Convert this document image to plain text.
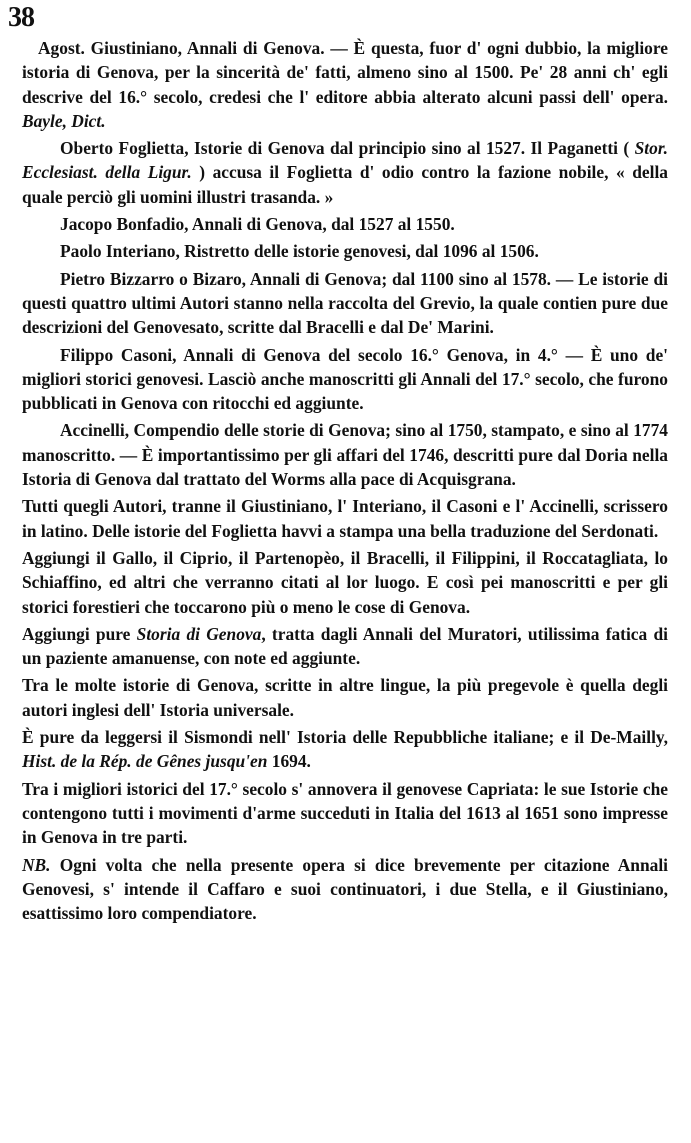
38

Agost. Giustiniano, Annali di Genova. — È questa, fuor d' ogni dubbio, la migliore istoria di Genova, per la sincerità de' fatti, almeno sino al 1500. Pe' 28 anni ch' egli descrive del 16.° secolo, credesi che l' editore abbia alterato alcuni passi dell' opera. Bayle, Dict.

Oberto Foglietta, Istorie di Genova dal principio sino al 1527. Il Paganetti ( Stor. Ecclesiast. della Ligur. ) accusa il Foglietta d' odio contro la fazione nobile, « della quale perciò gli uomini illustri trasanda. »

Jacopo Bonfadio, Annali di Genova, dal 1527 al 1550.

Paolo Interiano, Ristretto delle istorie genovesi, dal 1096 al 1506.

Pietro Bizzarro o Bizaro, Annali di Genova; dal 1100 sino al 1578. — Le istorie di questi quattro ultimi Autori stanno nella raccolta del Grevio, la quale contien pure due descrizioni del Genovesato, scritte dal Bracelli e dal De' Marini.

Filippo Casoni, Annali di Genova del secolo 16.° Genova, in 4.° — È uno de' migliori storici genovesi. Lasciò anche manoscritti gli Annali del 17.° secolo, che furono pubblicati in Genova con ritocchi ed aggiunte.

Accinelli, Compendio delle storie di Genova; sino al 1750, stampato, e sino al 1774 manoscritto. — È importantissimo per gli affari del 1746, descritti pure dal Doria nella Istoria di Genova dal trattato del Worms alla pace di Acquisgrana.

Tutti quegli Autori, tranne il Giustiniano, l' Interiano, il Casoni e l' Accinelli, scrissero in latino. Delle istorie del Foglietta havvi a stampa una bella traduzione del Serdonati.

Aggiungi il Gallo, il Ciprio, il Partenopèo, il Bracelli, il Filippini, il Roccatagliata, lo Schiaffino, ed altri che verranno citati al lor luogo. E così pei manoscritti e per gli storici forestieri che toccarono più o meno le cose di Genova.

Aggiungi pure Storia di Genova, tratta dagli Annali del Muratori, utilissima fatica di un paziente amanuense, con note ed aggiunte.

Tra le molte istorie di Genova, scritte in altre lingue, la più pregevole è quella degli autori inglesi dell' Istoria universale.

È pure da leggersi il Sismondi nell' Istoria delle Repubbliche italiane; e il De-Mailly, Hist. de la Rép. de Gênes jusqu'en 1694.

Tra i migliori istorici del 17.° secolo s' annovera il genovese Capriata: le sue Istorie che contengono tutti i movimenti d'arme succeduti in Italia del 1613 al 1651 sono impresse in Genova in tre parti.

NB. Ogni volta che nella presente opera si dice brevemente per citazione Annali Genovesi, s' intende il Caffaro e suoi continuatori, i due Stella, e il Giustiniano, esattissimo loro compendiatore.
